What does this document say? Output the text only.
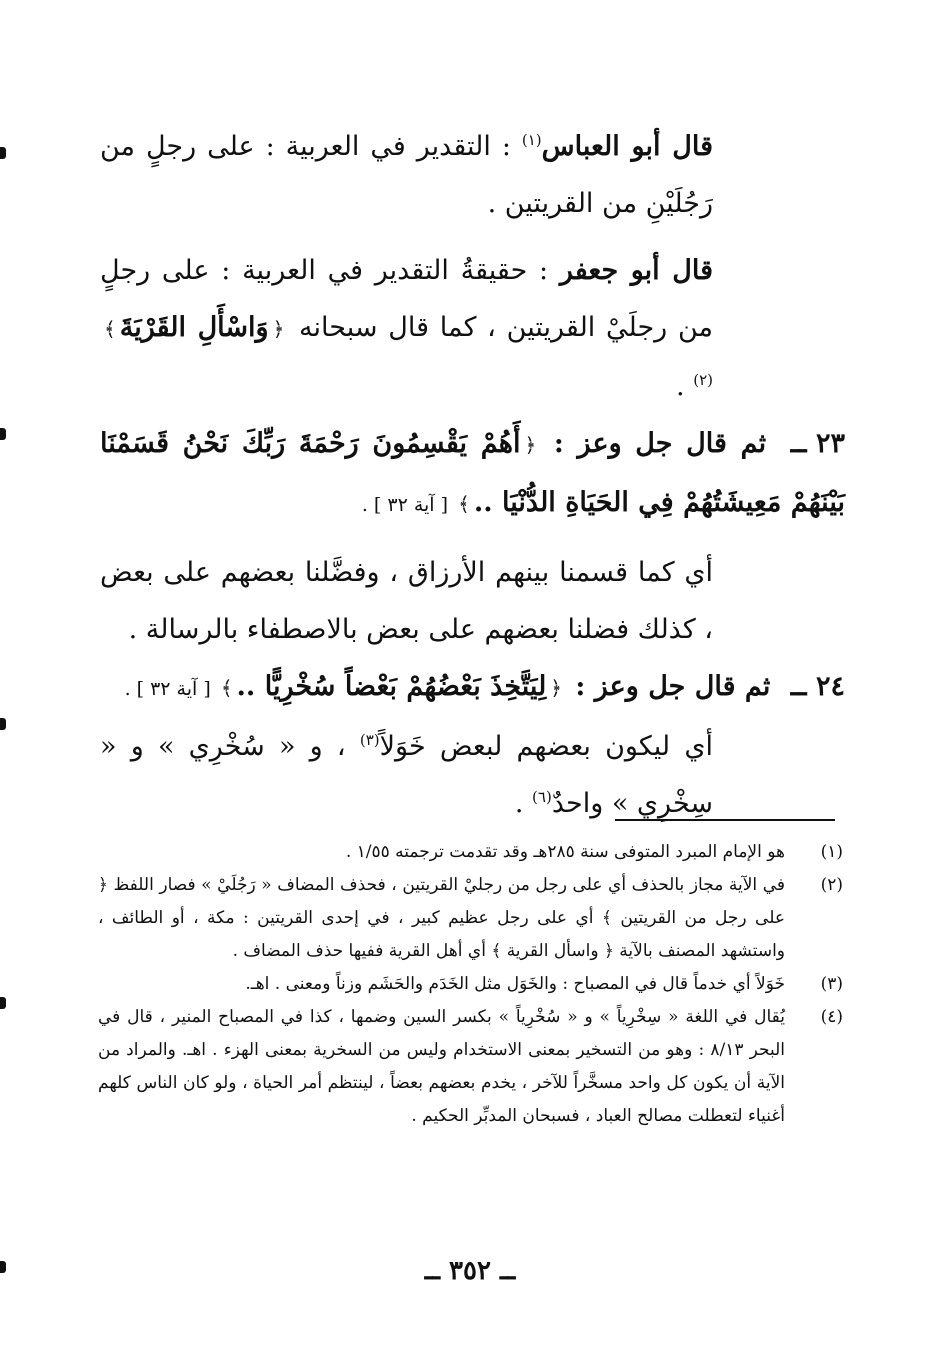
قال أبو العباس$^{(١)}$ : التقدير في العربية : على رجلٍ من رَجُلَيْنِ من القريتين .

قال أبو جعفر : حقيقةُ التقدير في العربية : على رجلٍ من رجلَيْ القريتين ، كما قال سبحانه ﴿وَاسْأَلِ القَرْيَةَ﴾$^{(٢)}$ .

٢٣ ــ ثم قال جل وعز : ﴿أَهُمْ يَقْسِمُونَ رَحْمَةَ رَبِّكَ نَحْنُ قَسَمْنَا بَيْنَهُمْ مَعِيشَتُهُمْ فِي الحَيَاةِ الدُّنْيَا ..﴾ [ آية ٣٢ ] .

أي كما قسمنا بينهم الأرزاق ، وفضَّلنا بعضهم على بعض ، كذلك فضلنا بعضهم على بعض بالاصطفاء بالرسالة .

٢٤ ــ ثم قال جل وعز : ﴿لِيَتَّخِذَ بَعْضُهُمْ بَعْضاً سُخْرِيًّا ..﴾ [ آية ٣٢ ] .

أي ليكون بعضهم لبعض خَوَلاً$^{(٣)}$ ، و « سُخْرِي » و « سِخْرِي » واحدٌ$^{(٦)}$ .

(١)
هو الإمام المبرد المتوفى سنة ٢٨٥هـ وقد تقدمت ترجمته ١/٥٥ .
(٢)
في الآية مجاز بالحذف أي على رجل من رجليْ القريتين ، فحذف المضاف « رَجُلَيْ » فصار اللفظ ﴿ على رجل من القريتين ﴾ أي على رجل عظيم كبير ، في إحدى القريتين : مكة ، أو الطائف ، واستشهد المصنف بالآية ﴿ واسأل القرية ﴾ أي أهل القرية ففيها حذف المضاف .
(٣)
خَوَلاً أي خدماً قال في المصباح : والخَوَل مثل الخَدَم والحَشَم وزناً ومعنى . اهـ.
(٤)
يُقال في اللغة « سِخْرِياً » و « سُخْرِياً » بكسر السين وضمها ، كذا في المصباح المنير ، قال في البحر ٨/١٣ : وهو من التسخير بمعنى الاستخدام وليس من السخرية بمعنى الهزء . اهـ. والمراد من الآية أن يكون كل واحد مسخَّراً للآخر ، يخدم بعضهم بعضاً ، لينتظم أمر الحياة ، ولو كان الناس كلهم أغنياء لتعطلت مصالح العباد ، فسبحان المدبِّر الحكيم .
ــ ٣٥٢ ــ
